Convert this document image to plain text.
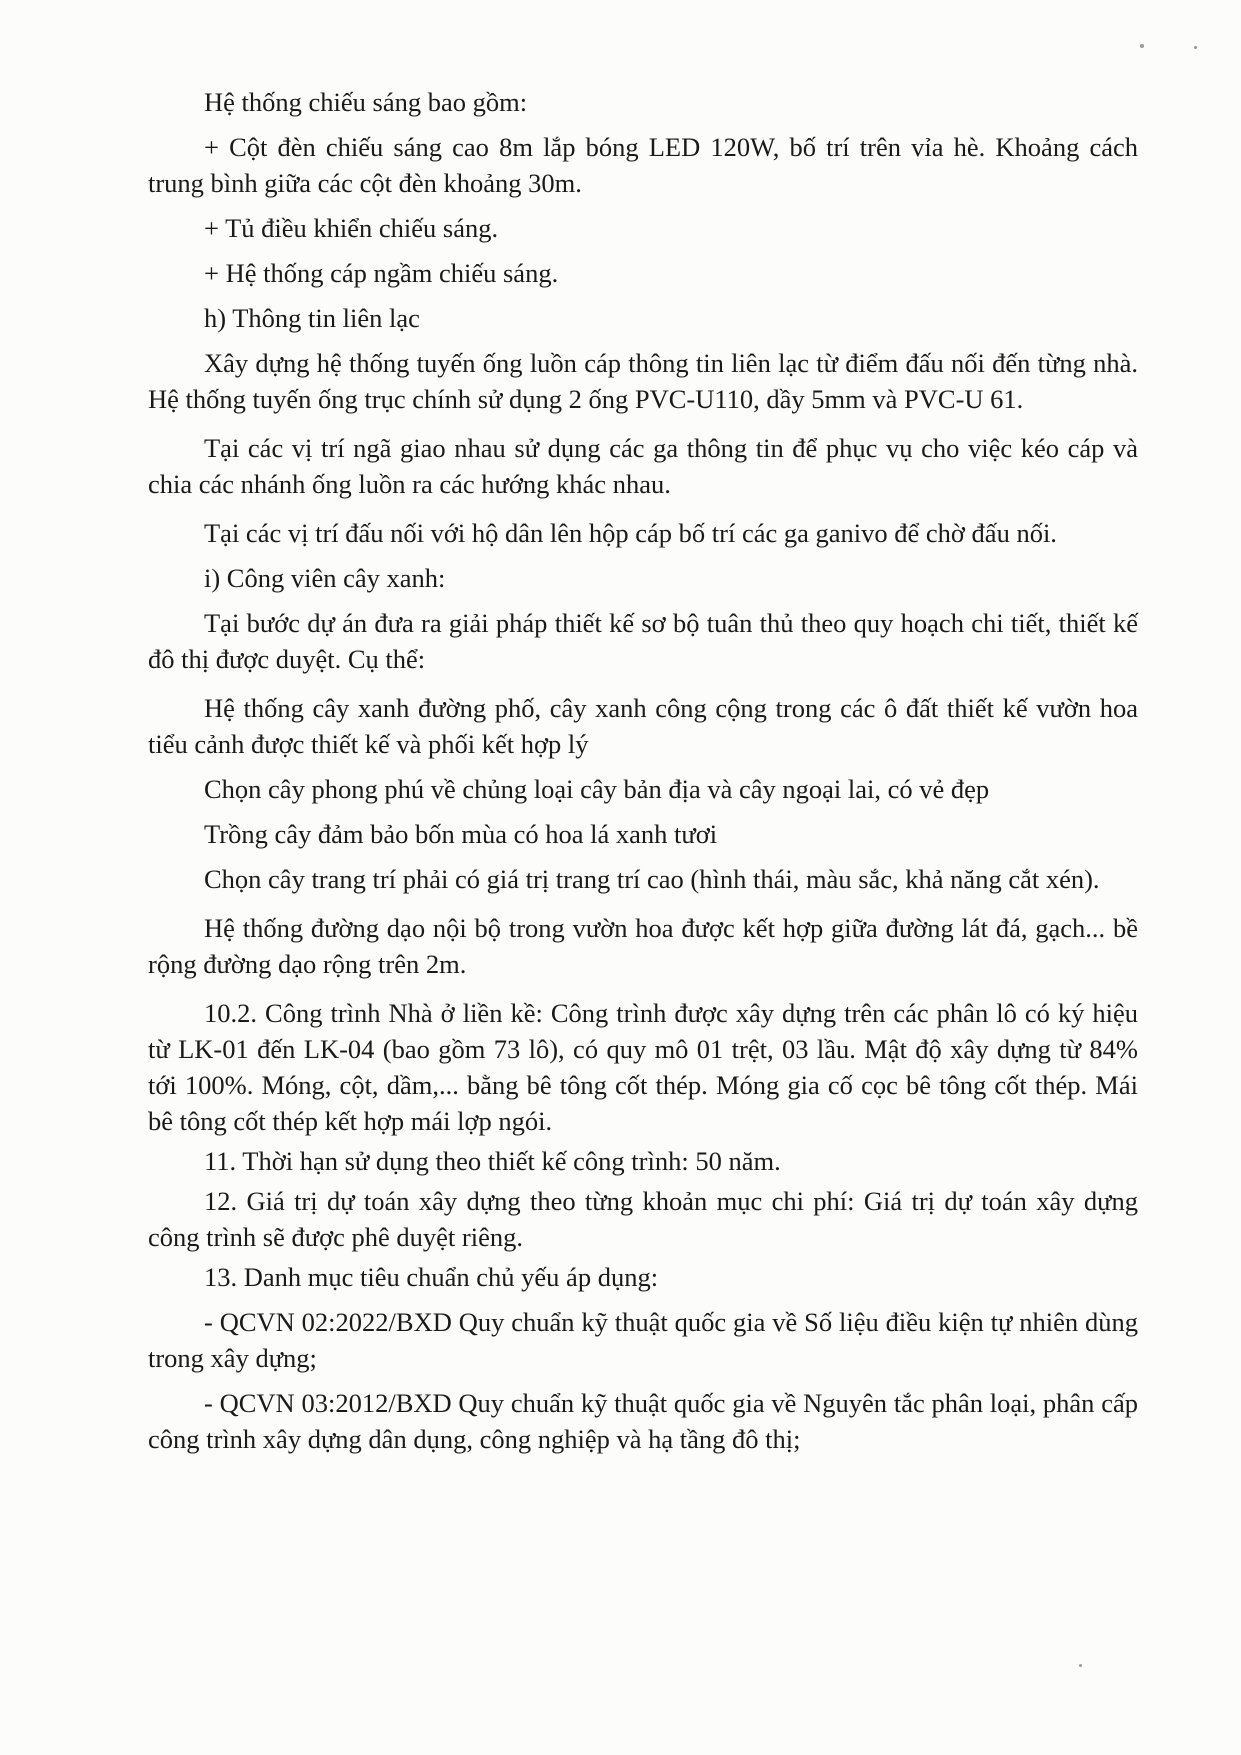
Hệ thống chiếu sáng bao gồm:

+ Cột đèn chiếu sáng cao 8m lắp bóng LED 120W, bố trí trên vỉa hè. Khoảng cách trung bình giữa các cột đèn khoảng 30m.

+ Tủ điều khiển chiếu sáng.

+ Hệ thống cáp ngầm chiếu sáng.

h) Thông tin liên lạc

Xây dựng hệ thống tuyến ống luồn cáp thông tin liên lạc từ điểm đấu nối đến từng nhà. Hệ thống tuyến ống trục chính sử dụng 2 ống PVC-U110, dầy 5mm và PVC-U 61.

Tại các vị trí ngã giao nhau sử dụng các ga thông tin để phục vụ cho việc kéo cáp và chia các nhánh ống luồn ra các hướng khác nhau.

Tại các vị trí đấu nối với hộ dân lên hộp cáp bố trí các ga ganivo để chờ đấu nối.

i) Công viên cây xanh:

Tại bước dự án đưa ra giải pháp thiết kế sơ bộ tuân thủ theo quy hoạch chi tiết, thiết kế đô thị được duyệt. Cụ thể:

Hệ thống cây xanh đường phố, cây xanh công cộng trong các ô đất thiết kế vườn hoa tiểu cảnh được thiết kế và phối kết hợp lý

Chọn cây phong phú về chủng loại cây bản địa và cây ngoại lai, có vẻ đẹp

Trồng cây đảm bảo bốn mùa có hoa lá xanh tươi

Chọn cây trang trí phải có giá trị trang trí cao (hình thái, màu sắc, khả năng cắt xén).

Hệ thống đường dạo nội bộ trong vườn hoa được kết hợp giữa đường lát đá, gạch... bề rộng đường dạo rộng trên 2m.

10.2. Công trình Nhà ở liền kề: Công trình được xây dựng trên các phân lô có ký hiệu từ LK-01 đến LK-04 (bao gồm 73 lô), có quy mô 01 trệt, 03 lầu. Mật độ xây dựng từ 84% tới 100%. Móng, cột, dầm,... bằng bê tông cốt thép. Móng gia cố cọc bê tông cốt thép. Mái bê tông cốt thép kết hợp mái lợp ngói.

11. Thời hạn sử dụng theo thiết kế công trình: 50 năm.

12. Giá trị dự toán xây dựng theo từng khoản mục chi phí: Giá trị dự toán xây dựng công trình sẽ được phê duyệt riêng.

13. Danh mục tiêu chuẩn chủ yếu áp dụng:

- QCVN 02:2022/BXD Quy chuẩn kỹ thuật quốc gia về Số liệu điều kiện tự nhiên dùng trong xây dựng;

- QCVN 03:2012/BXD Quy chuẩn kỹ thuật quốc gia về Nguyên tắc phân loại, phân cấp công trình xây dựng dân dụng, công nghiệp và hạ tầng đô thị;
